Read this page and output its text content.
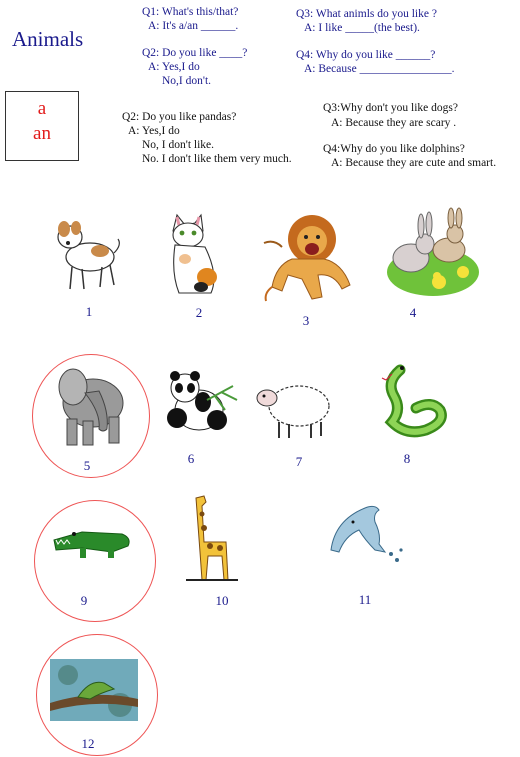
Animals
a
an
Q1: What's this/that?
A: It's a/an ______.
Q2: Do you like ____?
A: Yes,I do
No,I don't.
Q3: What animls do you like ?
A: I like _____(the best).
Q4: Why do you like ______?
A: Because ________________.
Q2: Do you like pandas?
A: Yes,I do
No, I don't like.
No. I don't like them very much.
Q3:Why don't you like dogs?
A: Because they are scary .
Q4:Why do you like dolphins?
A: Because they are cute and smart.
1	2
3
4
5	6	7	8
9	10	11
12
